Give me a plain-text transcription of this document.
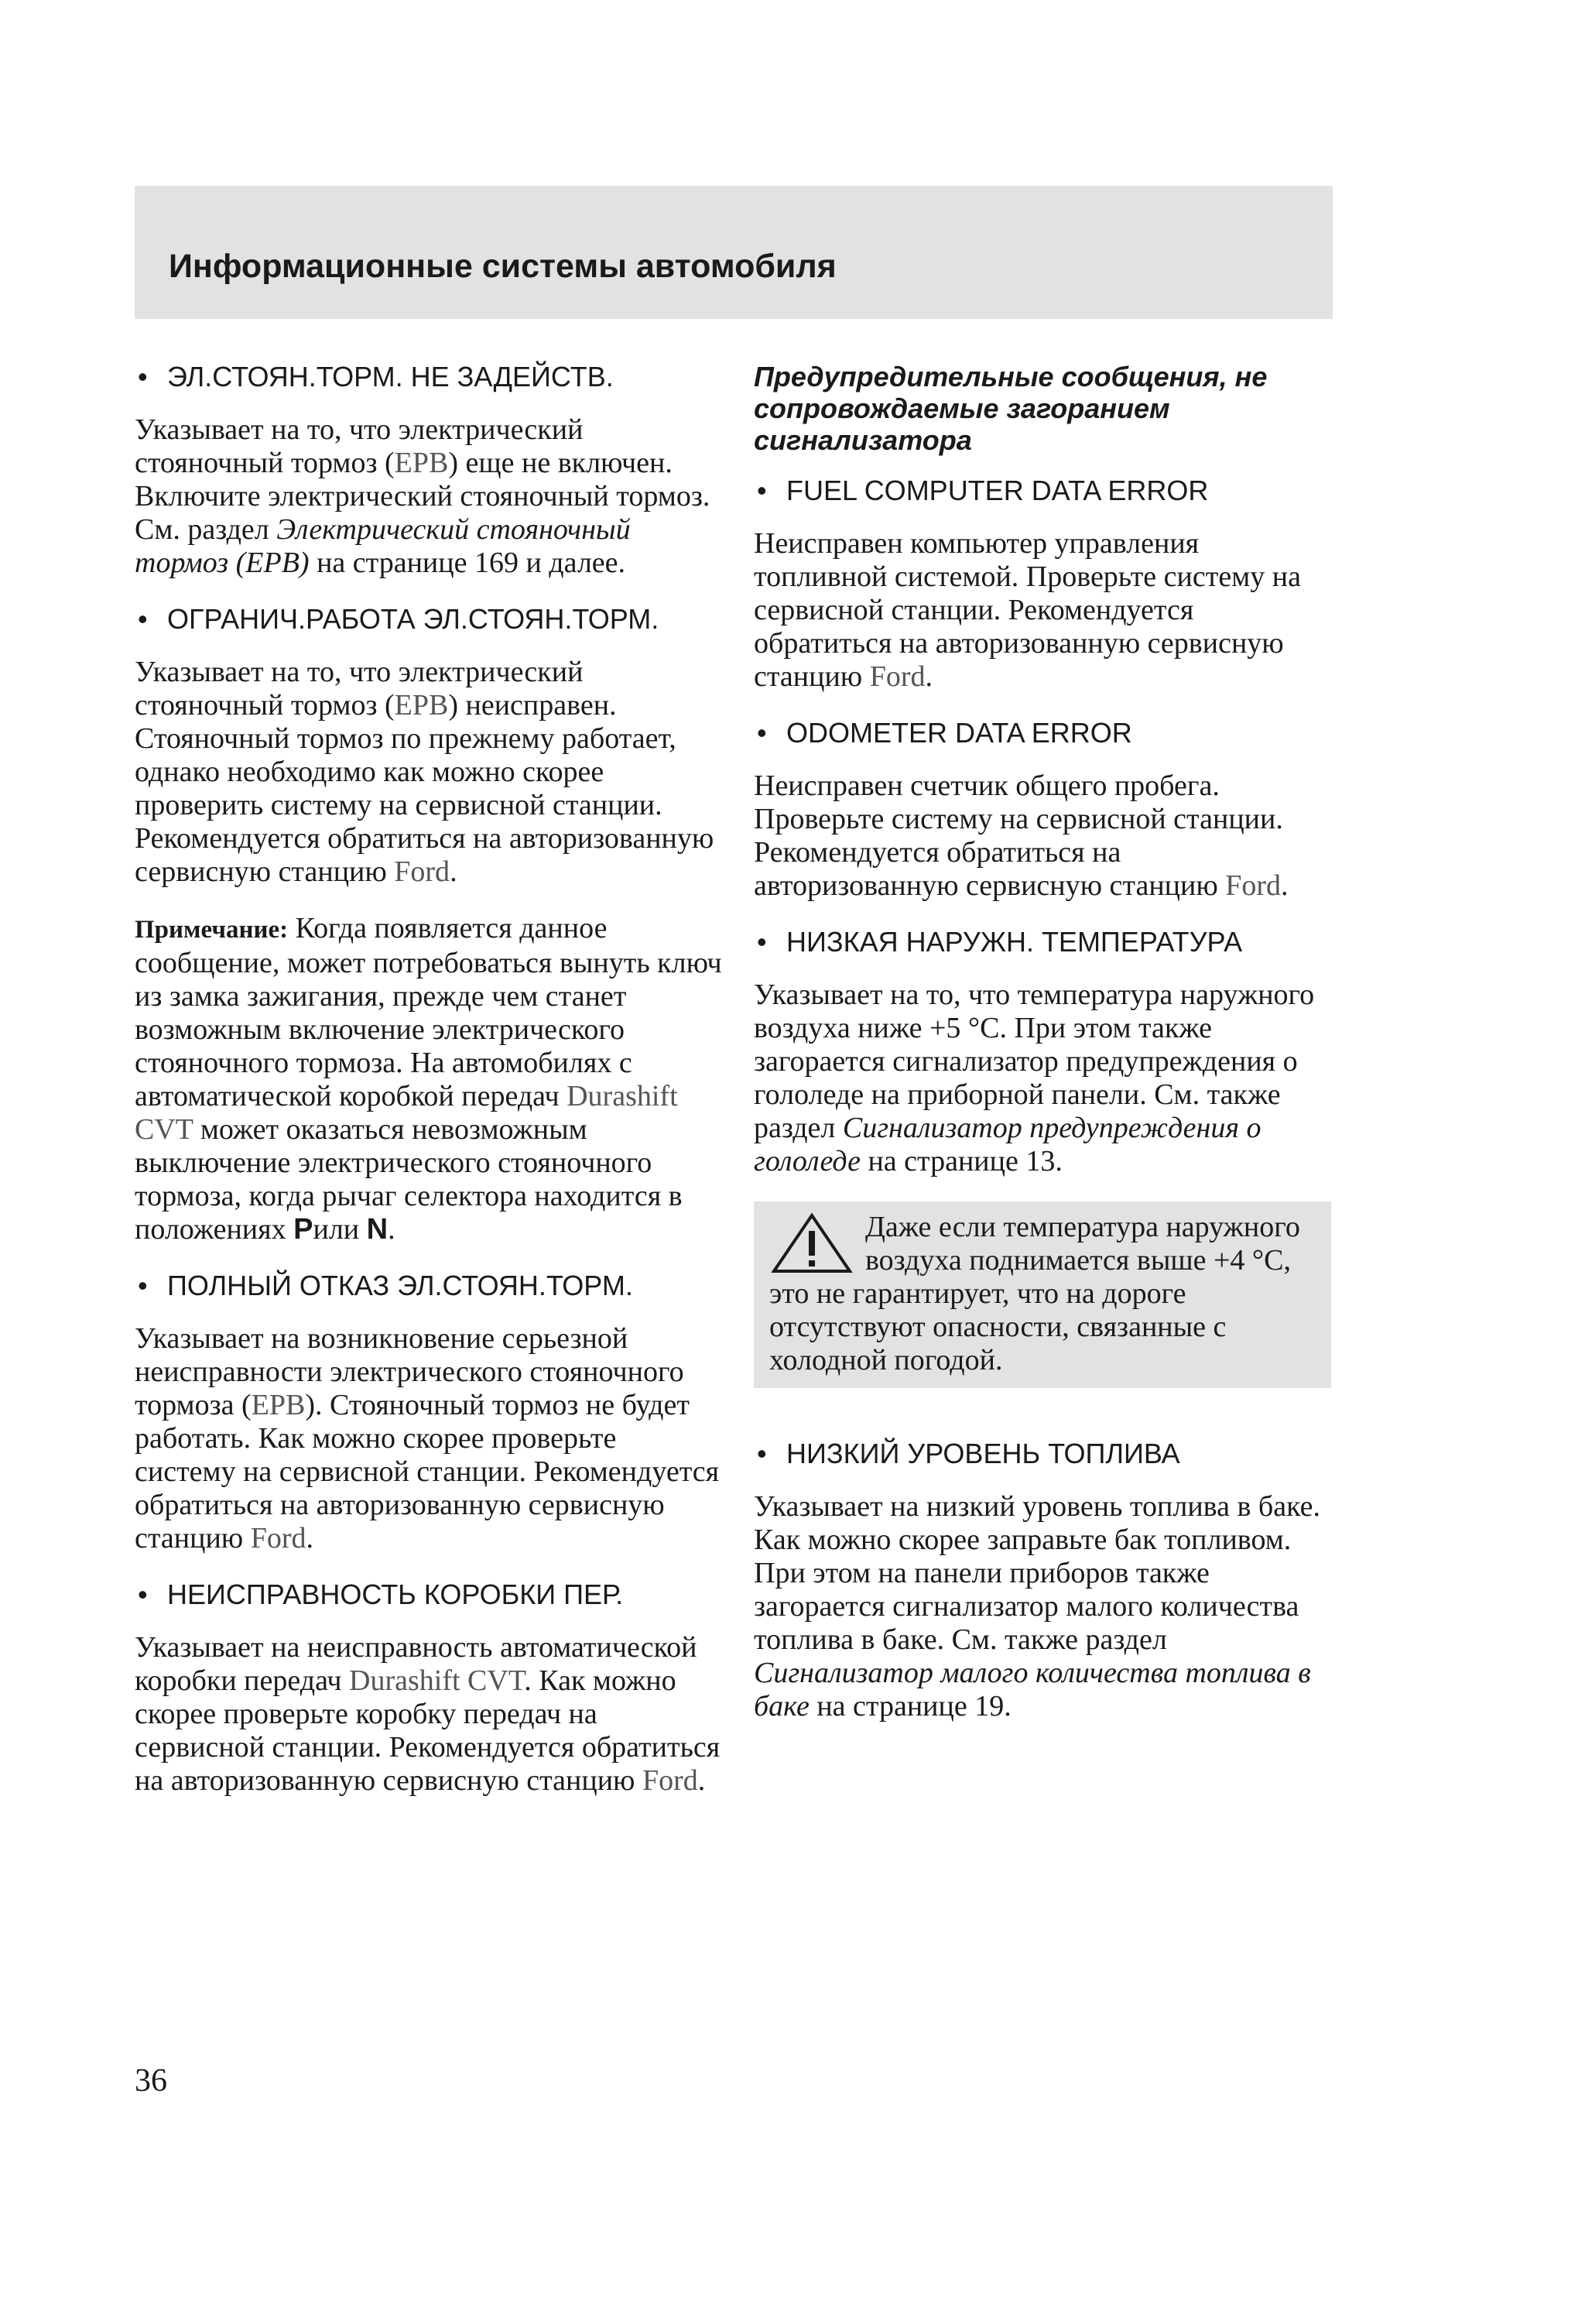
Информационные системы автомобиля
• ЭЛ.СТОЯН.ТОРМ. НЕ ЗАДЕЙСТВ.
Указывает на то, что электрический стояночный тормоз (EPB) еще не включен. Включите электрический стояночный тормоз. См. раздел Электрический стояночный тормоз (EPB) на странице 169 и далее.
• ОГРАНИЧ.РАБОТА ЭЛ.СТОЯН.ТОРМ.
Указывает на то, что электрический стояночный тормоз (EPB) неисправен. Стояночный тормоз по прежнему работает, однако необходимо как можно скорее проверить систему на сервисной станции. Рекомендуется обратиться на авторизованную сервисную станцию Ford.
Примечание: Когда появляется данное сообщение, может потребоваться вынуть ключ из замка зажигания, прежде чем станет возможным включение электрического стояночного тормоза. На автомобилях с автоматической коробкой передач Durashift CVT может оказаться невозможным выключение электрического стояночного тормоза, когда рычаг селектора находится в положениях Pили N.
• ПОЛНЫЙ ОТКАЗ ЭЛ.СТОЯН.ТОРМ.
Указывает на возникновение серьезной неисправности электрического стояночного тормоза (EPB). Стояночный тормоз не будет работать. Как можно скорее проверьте систему на сервисной станции. Рекомендуется обратиться на авторизованную сервисную станцию Ford.
• НЕИСПРАВНОСТЬ КОРОБКИ ПЕР.
Указывает на неисправность автоматической коробки передач Durashift CVT. Как можно скорее проверьте коробку передач на сервисной станции. Рекомендуется обратиться на авторизованную сервисную станцию Ford.
Предупредительные сообщения, не сопровождаемые загоранием сигнализатора
• FUEL COMPUTER DATA ERROR
Неисправен компьютер управления топливной системой. Проверьте систему на сервисной станции. Рекомендуется обратиться на авторизованную сервисную станцию Ford.
• ODOMETER DATA ERROR
Неисправен счетчик общего пробега. Проверьте систему на сервисной станции. Рекомендуется обратиться на авторизованную сервисную станцию Ford.
• НИЗКАЯ НАРУЖН. ТЕМПЕРАТУРА
Указывает на то, что температура наружного воздуха ниже +5 °C. При этом также загорается сигнализатор предупреждения о гололеде на приборной панели. См. также раздел Сигнализатор предупреждения о гололеде на странице 13.
Даже если температура наружного воздуха поднимается выше +4 °C, это не гарантирует, что на дороге отсутствуют опасности, связанные с холодной погодой.
• НИЗКИЙ УРОВЕНЬ ТОПЛИВА
Указывает на низкий уровень топлива в баке. Как можно скорее заправьте бак топливом. При этом на панели приборов также загорается сигнализатор малого количества топлива в баке. См. также раздел Сигнализатор малого количества топлива в баке на странице 19.
36
